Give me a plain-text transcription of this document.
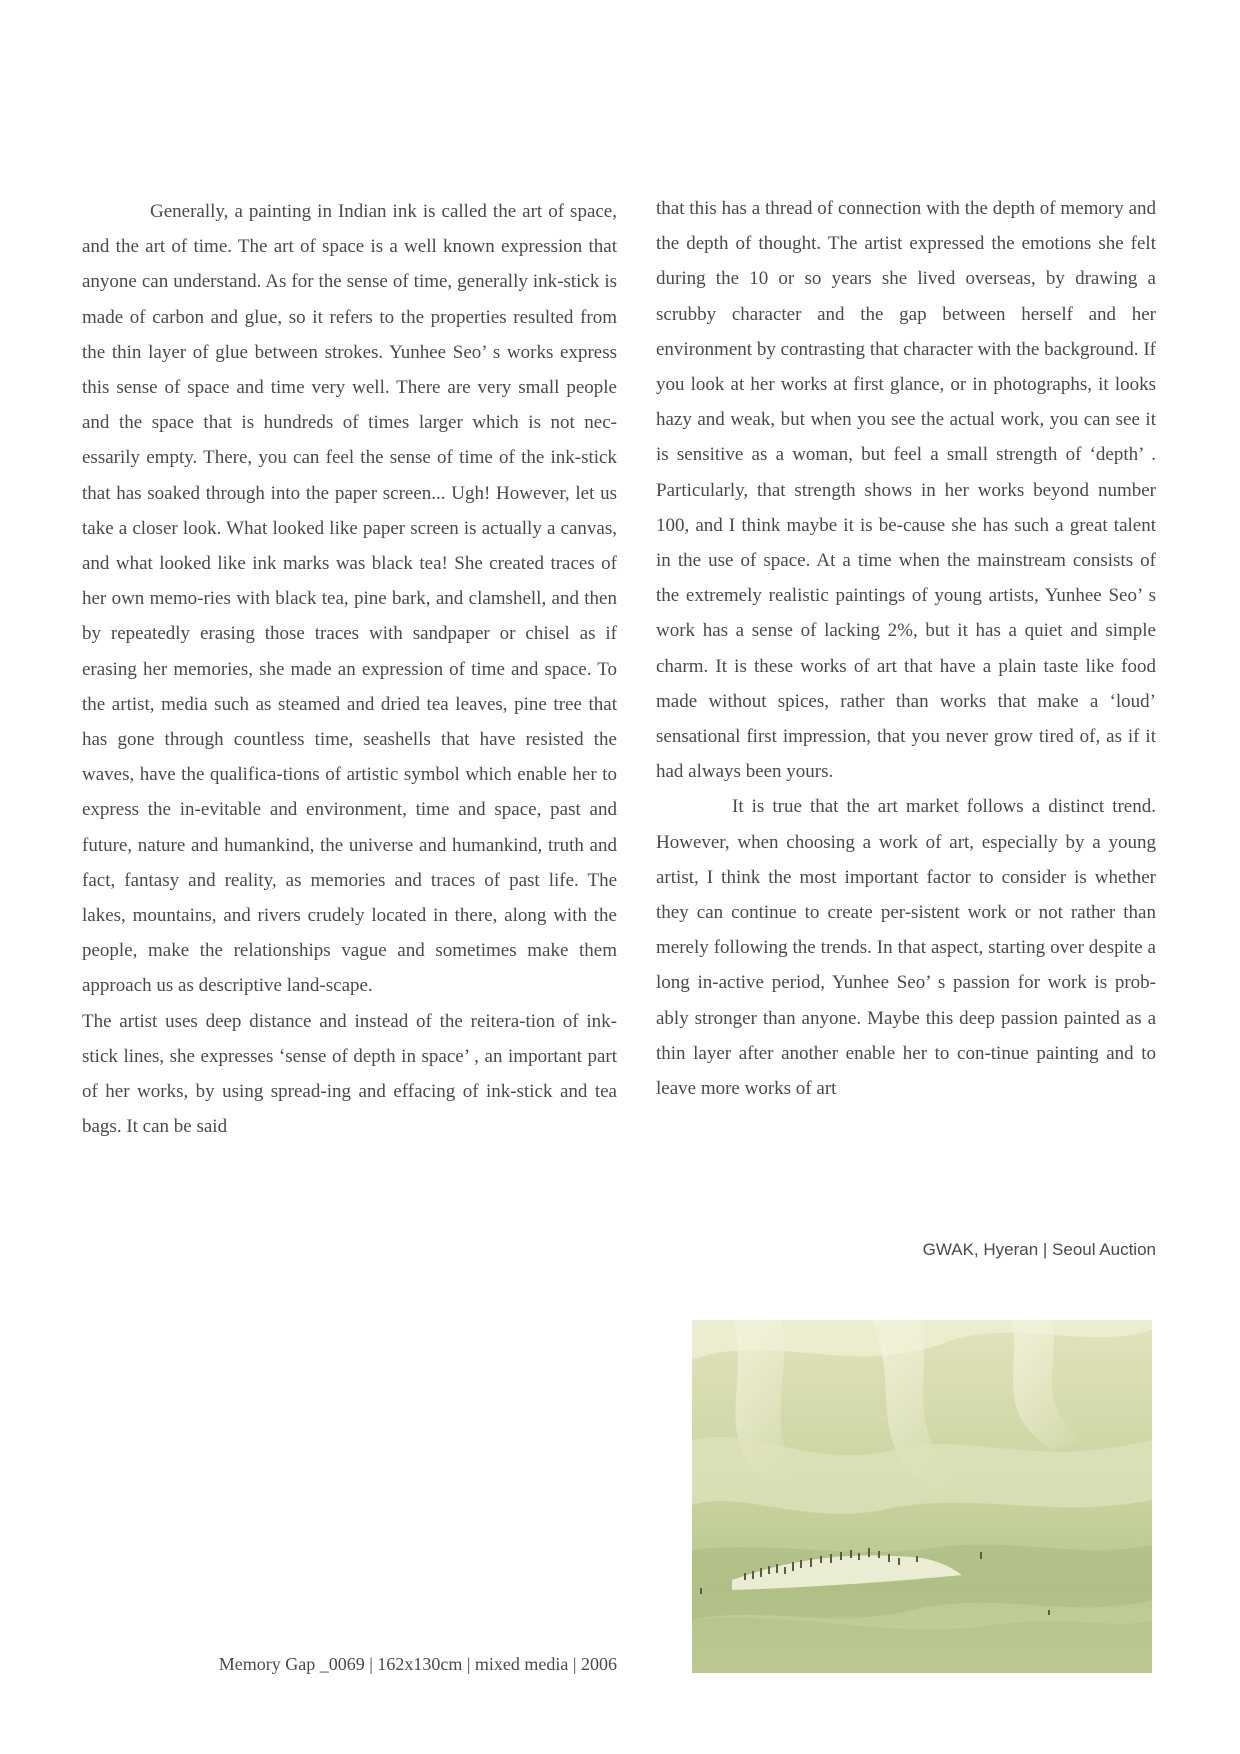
Generally, a painting in Indian ink is called the art of space, and the art of time. The art of space is a well known expression that anyone can understand. As for the sense of time, generally ink-stick is made of carbon and glue, so it refers to the properties resulted from the thin layer of glue between strokes. Yunhee Seo’ s works express this sense of space and time very well. There are very small people and the space that is hundreds of times larger which is not nec-essarily empty. There, you can feel the sense of time of the ink-stick that has soaked through into the paper screen... Ugh! However, let us take a closer look. What looked like paper screen is actually a canvas, and what looked like ink marks was black tea! She created traces of her own memo-ries with black tea, pine bark, and clamshell, and then by repeatedly erasing those traces with sandpaper or chisel as if erasing her memories, she made an expression of time and space. To the artist, media such as steamed and dried tea leaves, pine tree that has gone through countless time, seashells that have resisted the waves, have the qualifica-tions of artistic symbol which enable her to express the in-evitable and environment, time and space, past and future, nature and humankind, the universe and humankind, truth and fact, fantasy and reality, as memories and traces of past life. The lakes, mountains, and rivers crudely located in there, along with the people, make the relationships vague and sometimes make them approach us as descriptive land-scape.

The artist uses deep distance and instead of the reitera-tion of ink-stick lines, she expresses ‘sense of depth in space’ , an important part of her works, by using spread-ing and effacing of ink-stick and tea bags. It can be said

that this has a thread of connection with the depth of memory and the depth of thought. The artist expressed the emotions she felt during the 10 or so years she lived overseas, by drawing a scrubby character and the gap between herself and her environment by contrasting that character with the background. If you look at her works at first glance, or in photographs, it looks hazy and weak, but when you see the actual work, you can see it is sensitive as a woman, but feel a small strength of ‘depth’ . Particularly, that strength shows in her works beyond number 100, and I think maybe it is be-cause she has such a great talent in the use of space. At a time when the mainstream consists of the extremely realistic paintings of young artists, Yunhee Seo’ s work has a sense of lacking 2%, but it has a quiet and simple charm. It is these works of art that have a plain taste like food made without spices, rather than works that make a ‘loud’ sensational first impression, that you never grow tired of, as if it had always been yours.

It is true that the art market follows a distinct trend. However, when choosing a work of art, especially by a young artist, I think the most important factor to consider is whether they can continue to create per-sistent work or not rather than merely following the trends. In that aspect, starting over despite a long in-active period, Yunhee Seo’ s passion for work is prob-ably stronger than anyone. Maybe this deep passion painted as a thin layer after another enable her to con-tinue painting and to leave more works of art

GWAK, Hyeran | Seoul Auction
Memory Gap _0069 | 162x130cm | mixed media | 2006
